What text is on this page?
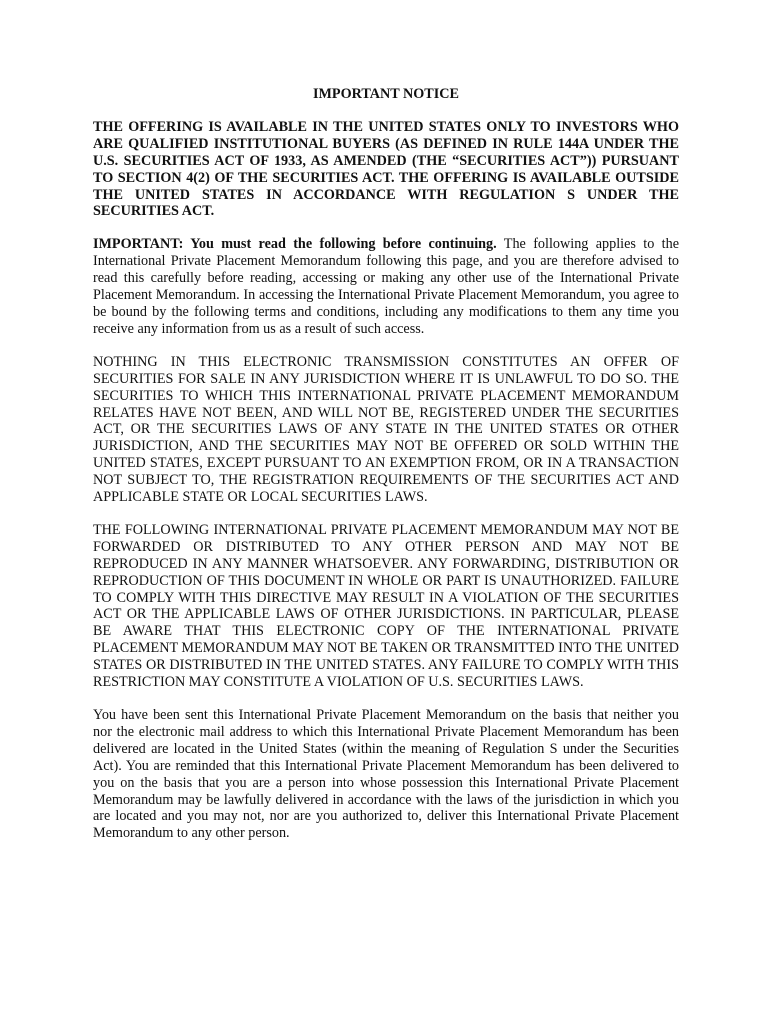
IMPORTANT NOTICE

THE OFFERING IS AVAILABLE IN THE UNITED STATES ONLY TO INVESTORS WHO ARE QUALIFIED INSTITUTIONAL BUYERS (AS DEFINED IN RULE 144A UNDER THE U.S. SECURITIES ACT OF 1933, AS AMENDED (THE “SECURITIES ACT”)) PURSUANT TO SECTION 4(2) OF THE SECURITIES ACT. THE OFFERING IS AVAILABLE OUTSIDE THE UNITED STATES IN ACCORDANCE WITH REGULATION S UNDER THE SECURITIES ACT.

IMPORTANT: You must read the following before continuing. The following applies to the International Private Placement Memorandum following this page, and you are therefore advised to read this carefully before reading, accessing or making any other use of the International Private Placement Memorandum. In accessing the International Private Placement Memorandum, you agree to be bound by the following terms and conditions, including any modifications to them any time you receive any information from us as a result of such access.

NOTHING IN THIS ELECTRONIC TRANSMISSION CONSTITUTES AN OFFER OF SECURITIES FOR SALE IN ANY JURISDICTION WHERE IT IS UNLAWFUL TO DO SO. THE SECURITIES TO WHICH THIS INTERNATIONAL PRIVATE PLACEMENT MEMORANDUM RELATES HAVE NOT BEEN, AND WILL NOT BE, REGISTERED UNDER THE SECURITIES ACT, OR THE SECURITIES LAWS OF ANY STATE IN THE UNITED STATES OR OTHER JURISDICTION, AND THE SECURITIES MAY NOT BE OFFERED OR SOLD WITHIN THE UNITED STATES, EXCEPT PURSUANT TO AN EXEMPTION FROM, OR IN A TRANSACTION NOT SUBJECT TO, THE REGISTRATION REQUIREMENTS OF THE SECURITIES ACT AND APPLICABLE STATE OR LOCAL SECURITIES LAWS.

THE FOLLOWING INTERNATIONAL PRIVATE PLACEMENT MEMORANDUM MAY NOT BE FORWARDED OR DISTRIBUTED TO ANY OTHER PERSON AND MAY NOT BE REPRODUCED IN ANY MANNER WHATSOEVER. ANY FORWARDING, DISTRIBUTION OR REPRODUCTION OF THIS DOCUMENT IN WHOLE OR PART IS UNAUTHORIZED. FAILURE TO COMPLY WITH THIS DIRECTIVE MAY RESULT IN A VIOLATION OF THE SECURITIES ACT OR THE APPLICABLE LAWS OF OTHER JURISDICTIONS. IN PARTICULAR, PLEASE BE AWARE THAT THIS ELECTRONIC COPY OF THE INTERNATIONAL PRIVATE PLACEMENT MEMORANDUM MAY NOT BE TAKEN OR TRANSMITTED INTO THE UNITED STATES OR DISTRIBUTED IN THE UNITED STATES. ANY FAILURE TO COMPLY WITH THIS RESTRICTION MAY CONSTITUTE A VIOLATION OF U.S. SECURITIES LAWS.

You have been sent this International Private Placement Memorandum on the basis that neither you nor the electronic mail address to which this International Private Placement Memorandum has been delivered are located in the United States (within the meaning of Regulation S under the Securities Act). You are reminded that this International Private Placement Memorandum has been delivered to you on the basis that you are a person into whose possession this International Private Placement Memorandum may be lawfully delivered in accordance with the laws of the jurisdiction in which you are located and you may not, nor are you authorized to, deliver this International Private Placement Memorandum to any other person.
